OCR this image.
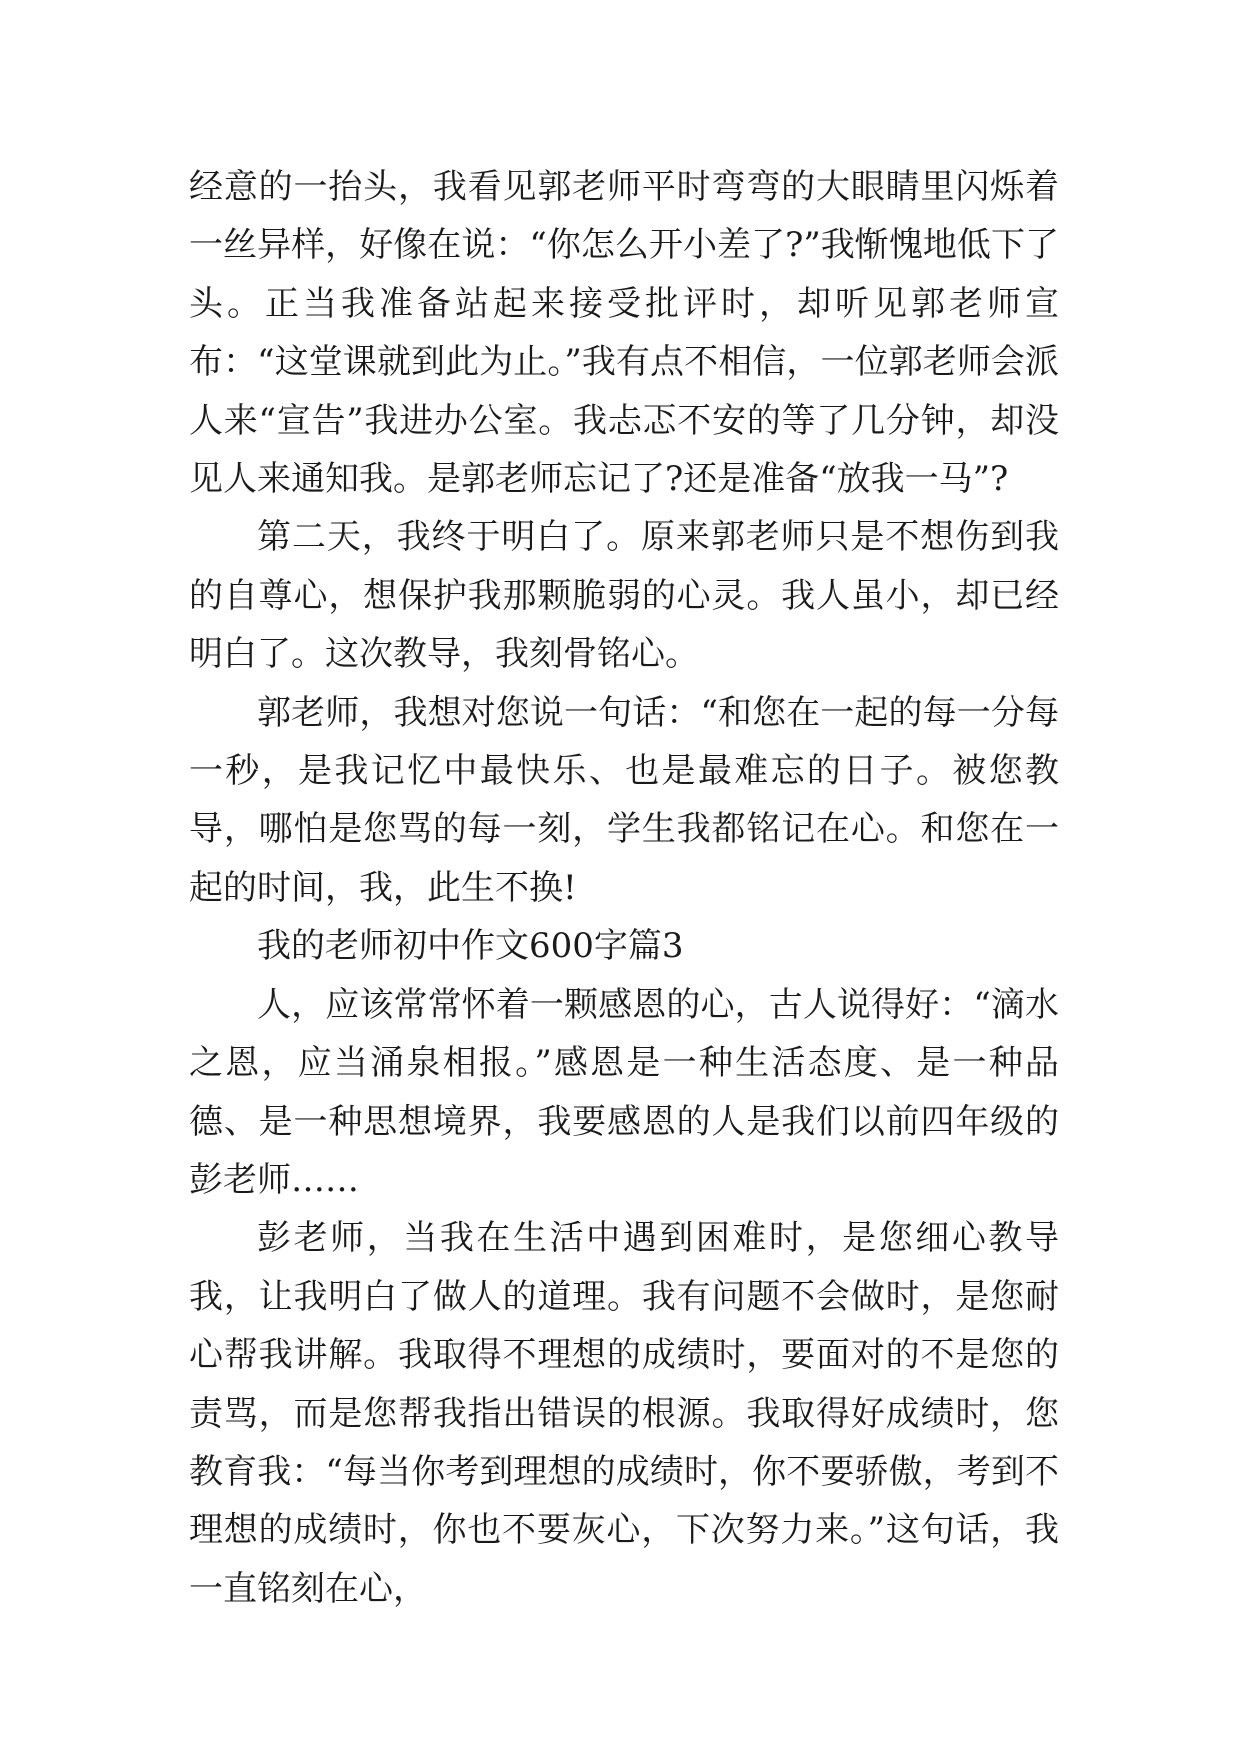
经意的一抬头，我看见郭老师平时弯弯的大眼睛里闪烁着一丝异样，好像在说：“你怎么开小差了?”我惭愧地低下了头。正当我准备站起来接受批评时，却听见郭老师宣布：“这堂课就到此为止。”我有点不相信，一位郭老师会派人来“宣告”我进办公室。我忐忑不安的等了几分钟，却没见人来通知我。是郭老师忘记了?还是准备“放我一马”?

第二天，我终于明白了。原来郭老师只是不想伤到我的自尊心，想保护我那颗脆弱的心灵。我人虽小，却已经明白了。这次教导，我刻骨铭心。

郭老师，我想对您说一句话：“和您在一起的每一分每一秒，是我记忆中最快乐、也是最难忘的日子。被您教导，哪怕是您骂的每一刻，学生我都铭记在心。和您在一起的时间，我，此生不换!

我的老师初中作文600字篇3

人，应该常常怀着一颗感恩的心，古人说得好：“滴水之恩，应当涌泉相报。”感恩是一种生活态度、是一种品德、是一种思想境界，我要感恩的人是我们以前四年级的彭老师……

彭老师，当我在生活中遇到困难时，是您细心教导我，让我明白了做人的道理。我有问题不会做时，是您耐心帮我讲解。我取得不理想的成绩时，要面对的不是您的责骂，而是您帮我指出错误的根源。我取得好成绩时，您教育我：“每当你考到理想的成绩时，你不要骄傲，考到不理想的成绩时，你也不要灰心，下次努力来。”这句话，我一直铭刻在心，
